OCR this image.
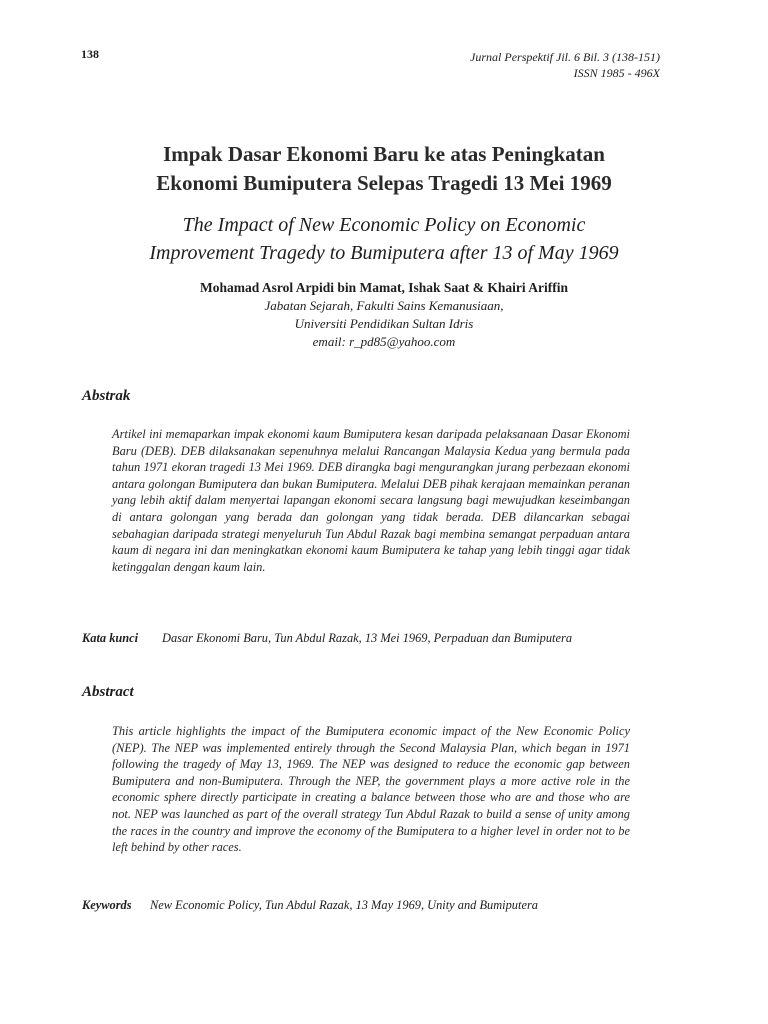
138	Jurnal Perspektif Jil. 6 Bil. 3 (138-151)
ISSN 1985 - 496X
Impak Dasar Ekonomi Baru ke atas Peningkatan
Ekonomi Bumiputera Selepas Tragedi 13 Mei 1969
The Impact of New Economic Policy on Economic
Improvement Tragedy to Bumiputera after 13 of May 1969
Mohamad Asrol Arpidi bin Mamat, Ishak Saat & Khairi Ariffin
Jabatan Sejarah, Fakulti Sains Kemanusiaan,
Universiti Pendidikan Sultan Idris
email: r_pd85@yahoo.com
Abstrak
Artikel ini memaparkan impak ekonomi kaum Bumiputera kesan daripada pelaksanaan Dasar Ekonomi Baru (DEB). DEB dilaksanakan sepenuhnya melalui Rancangan Malaysia Kedua yang bermula pada tahun 1971 ekoran tragedi 13 Mei 1969. DEB dirangka bagi mengurangkan jurang perbezaan ekonomi antara golongan Bumiputera dan bukan Bumiputera. Melalui DEB pihak kerajaan memainkan peranan yang lebih aktif dalam menyertai lapangan ekonomi secara langsung bagi mewujudkan keseimbangan di antara golongan yang berada dan golongan yang tidak berada. DEB dilancarkan sebagai sebahagian daripada strategi menyeluruh Tun Abdul Razak bagi membina semangat perpaduan antara kaum di negara ini dan meningkatkan ekonomi kaum Bumiputera ke tahap yang lebih tinggi agar tidak ketinggalan dengan kaum lain.
Kata kunci	Dasar Ekonomi Baru, Tun Abdul Razak, 13 Mei 1969, Perpaduan dan Bumiputera
Abstract
This article highlights the impact of the Bumiputera economic impact of the New Economic Policy (NEP). The NEP was implemented entirely through the Second Malaysia Plan, which began in 1971 following the tragedy of May 13, 1969. The NEP was designed to reduce the economic gap between Bumiputera and non-Bumiputera. Through the NEP, the government plays a more active role in the economic sphere directly participate in creating a balance between those who are and those who are not. NEP was launched as part of the overall strategy Tun Abdul Razak to build a sense of unity among the races in the country and improve the economy of the Bumiputera to a higher level in order not to be left behind by other races.
Keywords	New Economic Policy, Tun Abdul Razak, 13 May 1969, Unity and Bumiputera
